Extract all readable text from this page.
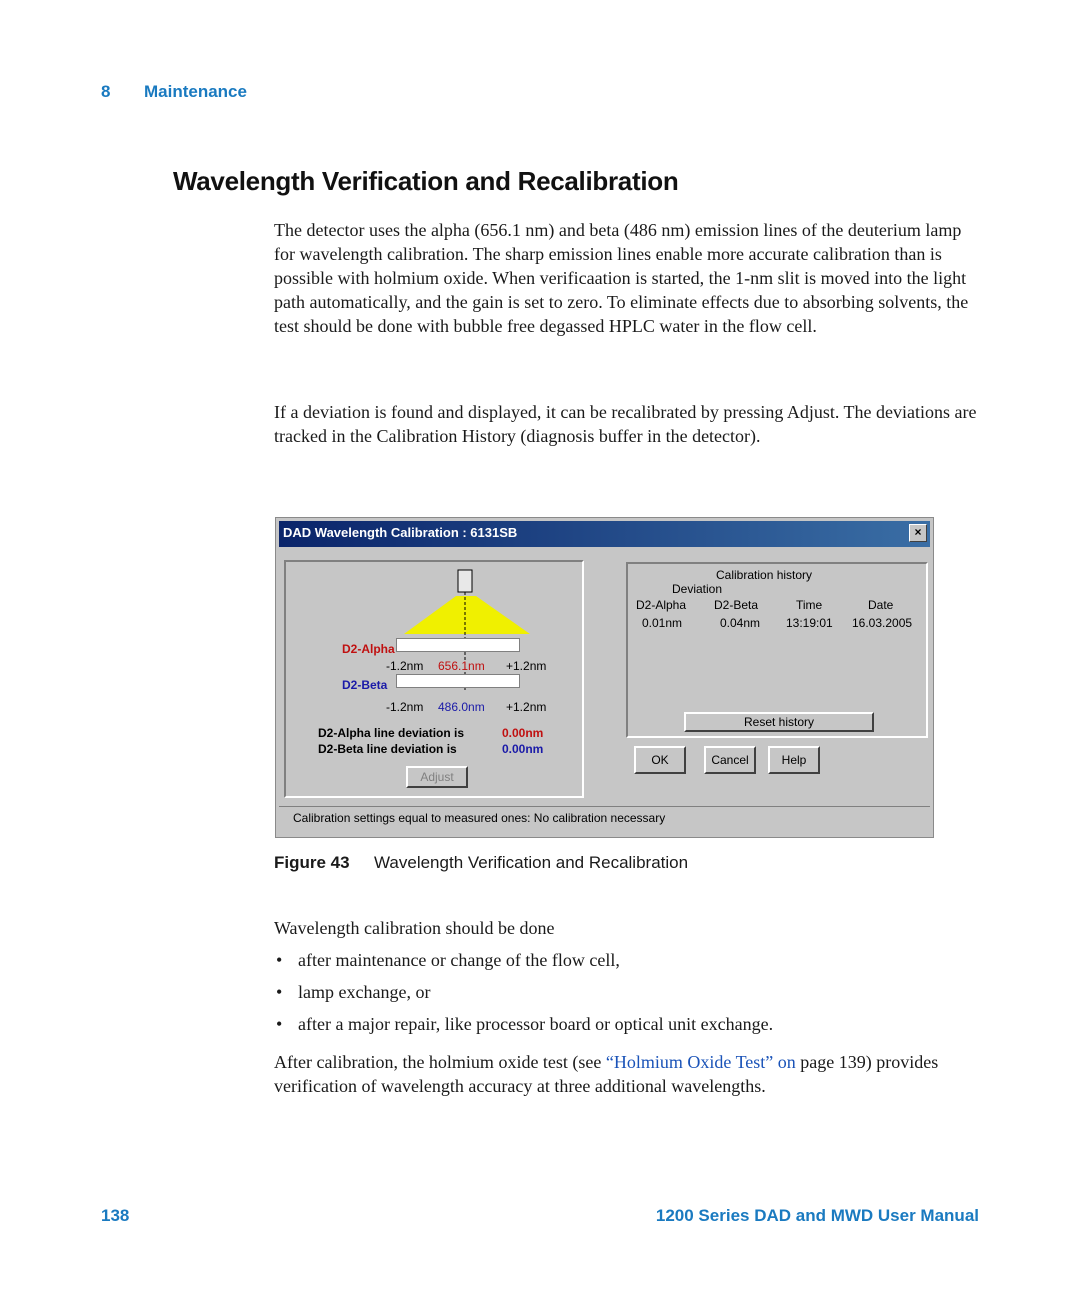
8 Maintenance
Wavelength Verification and Recalibration

The detector uses the alpha (656.1 nm) and beta (486 nm) emission lines of the deuterium lamp for wavelength calibration. The sharp emission lines enable more accurate calibration than is possible with holmium oxide. When verificaation is started, the 1-nm slit is moved into the light path automatically, and the gain is set to zero. To eliminate effects due to absorbing solvents, the test should be done with bubble free degassed HPLC water in the flow cell.

If a deviation is found and displayed, it can be recalibrated by pressing Adjust. The deviations are tracked in the Calibration History (diagnosis buffer in the detector).

DAD Wavelength Calibration : 6131SB	×
D2-Alpha
-1.2nm 656.1nm +1.2nm
D2-Beta
-1.2nm 486.0nm +1.2nm
D2-Alpha line deviation is	0.00nm
D2-Beta line deviation is	0.00nm
Adjust
Calibration history
Deviation
D2-Alpha D2-Beta	Time	Date
0.01nm	0.04nm 13:19:01 16.03.2005
Reset history
OK	Cancel	Help
Calibration settings equal to measured ones: No calibration necessary
Figure 43 Wavelength Verification and Recalibration

Wavelength calibration should be done

• after maintenance or change of the flow cell,
• lamp exchange, or
• after a major repair, like processor board or optical unit exchange.

After calibration, the holmium oxide test (see “Holmium Oxide Test” on page 139) provides verification of wavelength accuracy at three additional wavelengths.

138	1200 Series DAD and MWD User Manual
